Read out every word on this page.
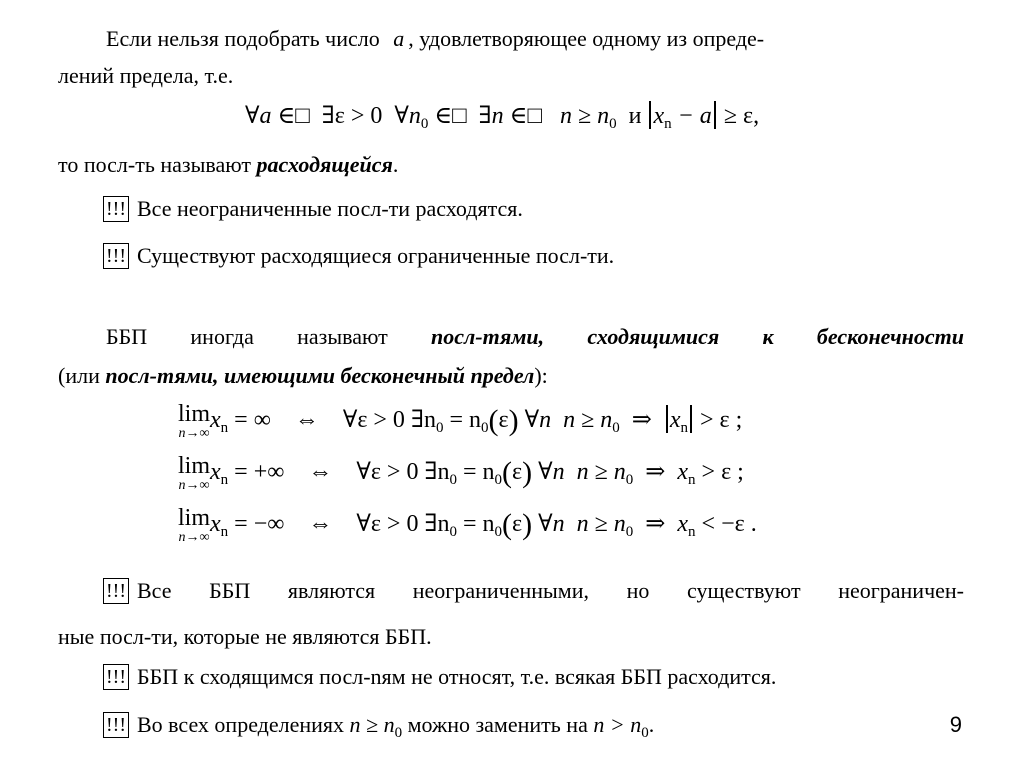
Если нельзя подобрать число a , удовлетворяющее одному из опреде-
лений предела, т.е.
∀a ∈□ ∃ε > 0 $\forall n_0$ ∈□ ∃n ∈□ $n \ge n_0$ и $x_n - a \ge \varepsilon$,
то посл-ть называют расходящейся.
!!! Все неограниченные посл-ти расходятся.
!!! Существуют расходящиеся ограниченные посл-ти.
ББП иногда называют посл-тями, сходящимися к бесконечности
(или посл-тями, имеющими бесконечный предел):
lim
n→∞
$x_n$ = ∞ ⇔ ∀ε > 0 $\exists n_0 = n_0(\varepsilon)$ ∀n $n \ge n_0$ ⇒ $x_n > \varepsilon$ ;
lim
n→∞
$x_n$ = +∞ ⇔ ∀ε > 0 $\exists n_0 = n_0(\varepsilon)$ ∀n $n \ge n_0$ ⇒ $x_n > \varepsilon$ ;
lim
n→∞
$x_n$ = −∞ ⇔ ∀ε > 0 $\exists n_0 = n_0(\varepsilon)$ ∀n $n \ge n_0$ ⇒ $x_n < -\varepsilon$ .
!!! Все ББП являются неограниченными, но существуют неограничен-
ные посл-ти, которые не являются ББП.
!!! ББП к сходящимся посл-nям не относят, т.е. всякая ББП расходится.
!!! Во всех определениях $n \ge n_0$ можно заменить на $n > n_0$.	9
